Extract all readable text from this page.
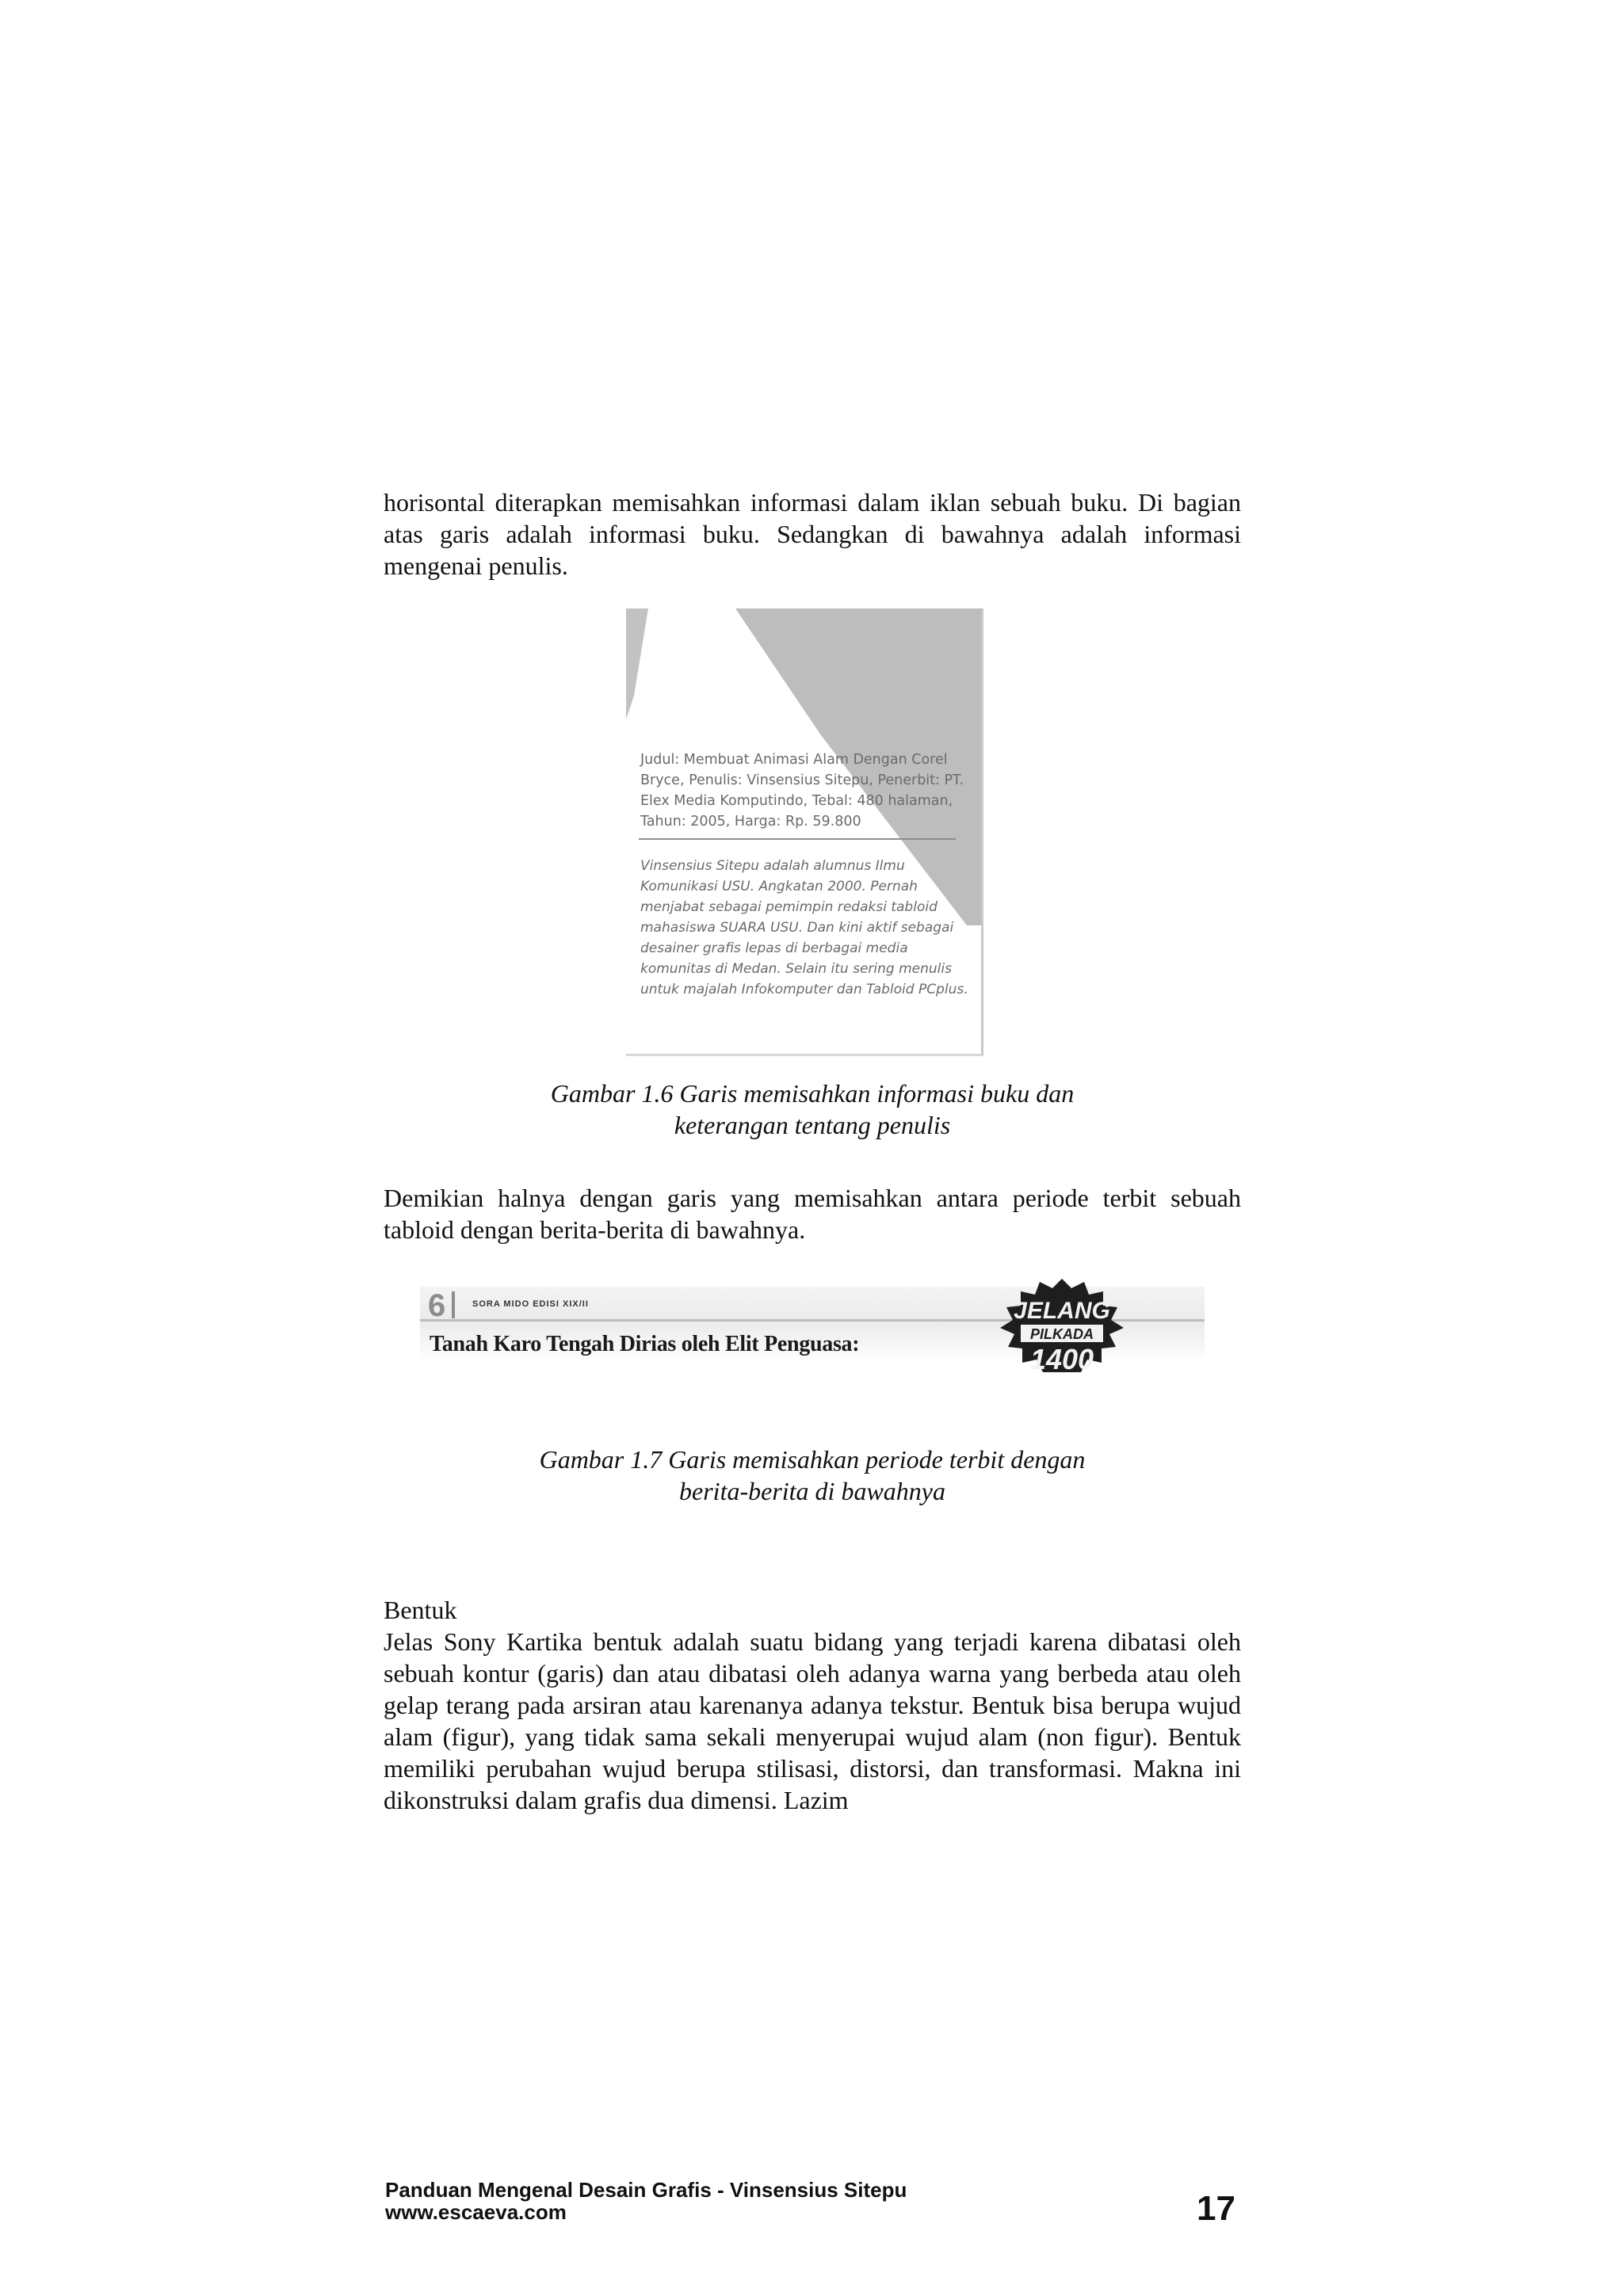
horisontal diterapkan memisahkan informasi dalam iklan sebuah buku. Di bagian atas garis adalah informasi buku. Sedangkan di bawahnya adalah informasi mengenai penulis.

Judul: Membuat Animasi Alam Dengan Corel Bryce, Penulis: Vinsensius Sitepu, Penerbit: PT. Elex Media Komputindo, Tebal: 480 halaman, Tahun: 2005, Harga: Rp. 59.800

Vinsensius Sitepu adalah alumnus Ilmu Komunikasi USU. Angkatan 2000. Pernah menjabat sebagai pemimpin redaksi tabloid mahasiswa SUARA USU. Dan kini aktif sebagai desainer grafis lepas di berbagai media komunitas di Medan. Selain itu sering menulis untuk majalah Infokomputer dan Tabloid PCplus.

Gambar 1.6 Garis memisahkan informasi buku dan

keterangan tentang penulis

Demikian halnya dengan garis yang memisahkan antara periode terbit sebuah tabloid dengan berita-berita di bawahnya.

6	SORA MIDO EDISI XIX/II
Tanah Karo Tengah Dirias oleh Elit Penguasa:
JELANG
PILKADA
1400

Gambar 1.7 Garis memisahkan periode terbit dengan

berita-berita di bawahnya

Bentuk

Jelas Sony Kartika bentuk adalah suatu bidang yang terjadi karena dibatasi oleh sebuah kontur (garis) dan atau dibatasi oleh adanya warna yang berbeda atau oleh gelap terang pada arsiran atau karenanya adanya tekstur. Bentuk bisa berupa wujud alam (figur), yang tidak sama sekali menyerupai wujud alam (non figur). Bentuk memiliki perubahan wujud berupa stilisasi, distorsi, dan transformasi. Makna ini dikonstruksi dalam grafis dua dimensi. Lazim

Panduan Mengenal Desain Grafis - Vinsensius Sitepu

www.escaeva.com	17
